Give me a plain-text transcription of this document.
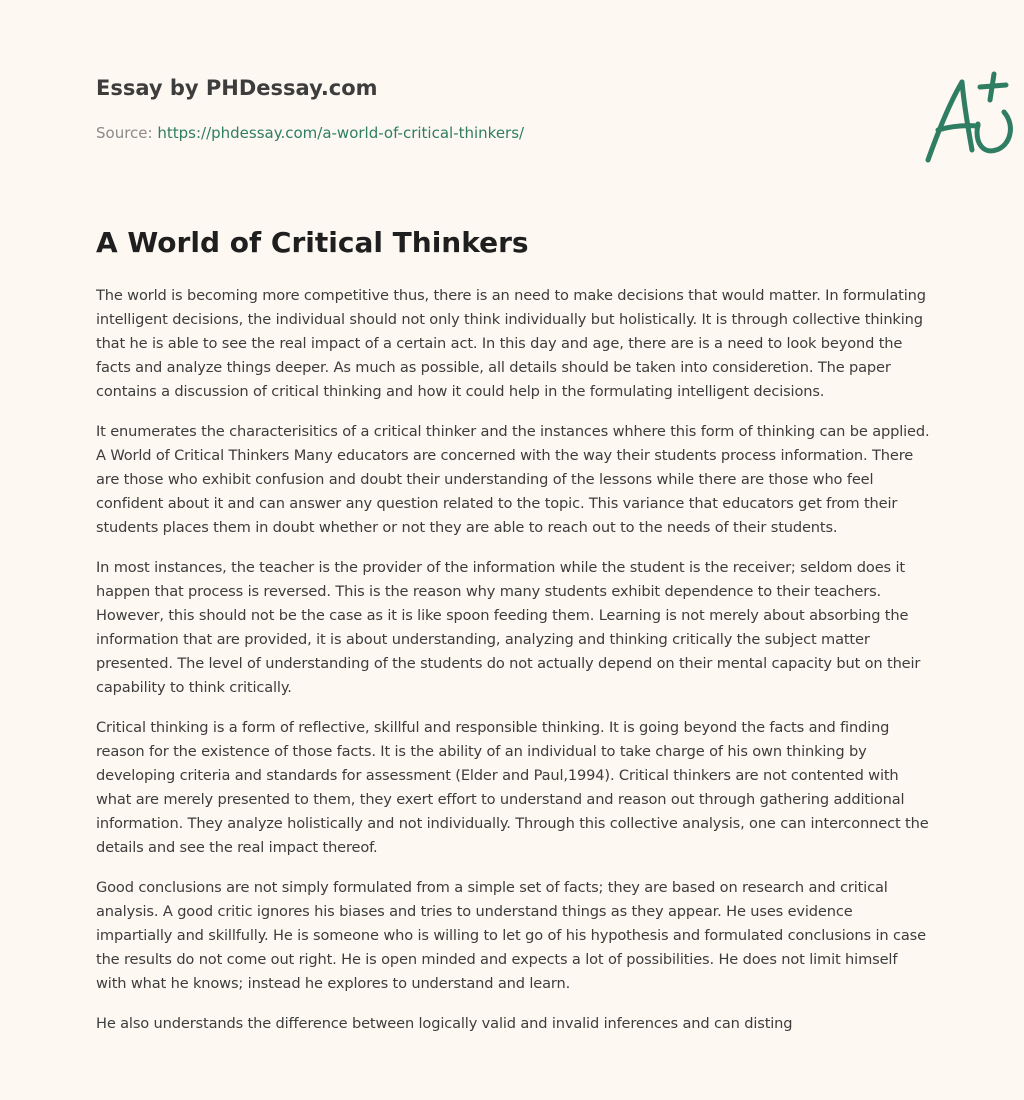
Essay by PHDessay.com
Source: https://phdessay.com/a-world-of-critical-thinkers/
A World of Critical Thinkers

The world is becoming more competitive thus, there is an need to make decisions that would matter. In formulating intelligent decisions, the individual should not only think individually but holistically. It is through collective thinking that he is able to see the real impact of a certain act. In this day and age, there are is a need to look beyond the facts and analyze things deeper. As much as possible, all details should be taken into consideretion. The paper contains a discussion of critical thinking and how it could help in the formulating intelligent decisions.

It enumerates the characterisitics of a critical thinker and the instances whhere this form of thinking can be applied. A World of Critical Thinkers Many educators are concerned with the way their students process information. There are those who exhibit confusion and doubt their understanding of the lessons while there are those who feel confident about it and can answer any question related to the topic. This variance that educators get from their students places them in doubt whether or not they are able to reach out to the needs of their students.

In most instances, the teacher is the provider of the information while the student is the receiver; seldom does it happen that process is reversed. This is the reason why many students exhibit dependence to their teachers. However, this should not be the case as it is like spoon feeding them. Learning is not merely about absorbing the information that are provided, it is about understanding, analyzing and thinking critically the subject matter presented. The level of understanding of the students do not actually depend on their mental capacity but on their capability to think critically.

Critical thinking is a form of reflective, skillful and responsible thinking. It is going beyond the facts and finding reason for the existence of those facts. It is the ability of an individual to take charge of his own thinking by developing criteria and standards for assessment (Elder and Paul,1994). Critical thinkers are not contented with what are merely presented to them, they exert effort to understand and reason out through gathering additional information. They analyze holistically and not individually. Through this collective analysis, one can interconnect the details and see the real impact thereof.

Good conclusions are not simply formulated from a simple set of facts; they are based on research and critical analysis. A good critic ignores his biases and tries to understand things as they appear. He uses evidence impartially and skillfully. He is someone who is willing to let go of his hypothesis and formulated conclusions in case the results do not come out right. He is open minded and expects a lot of possibilities. He does not limit himself with what he knows; instead he explores to understand and learn.

He also understands the difference between logically valid and invalid inferences and can disting
